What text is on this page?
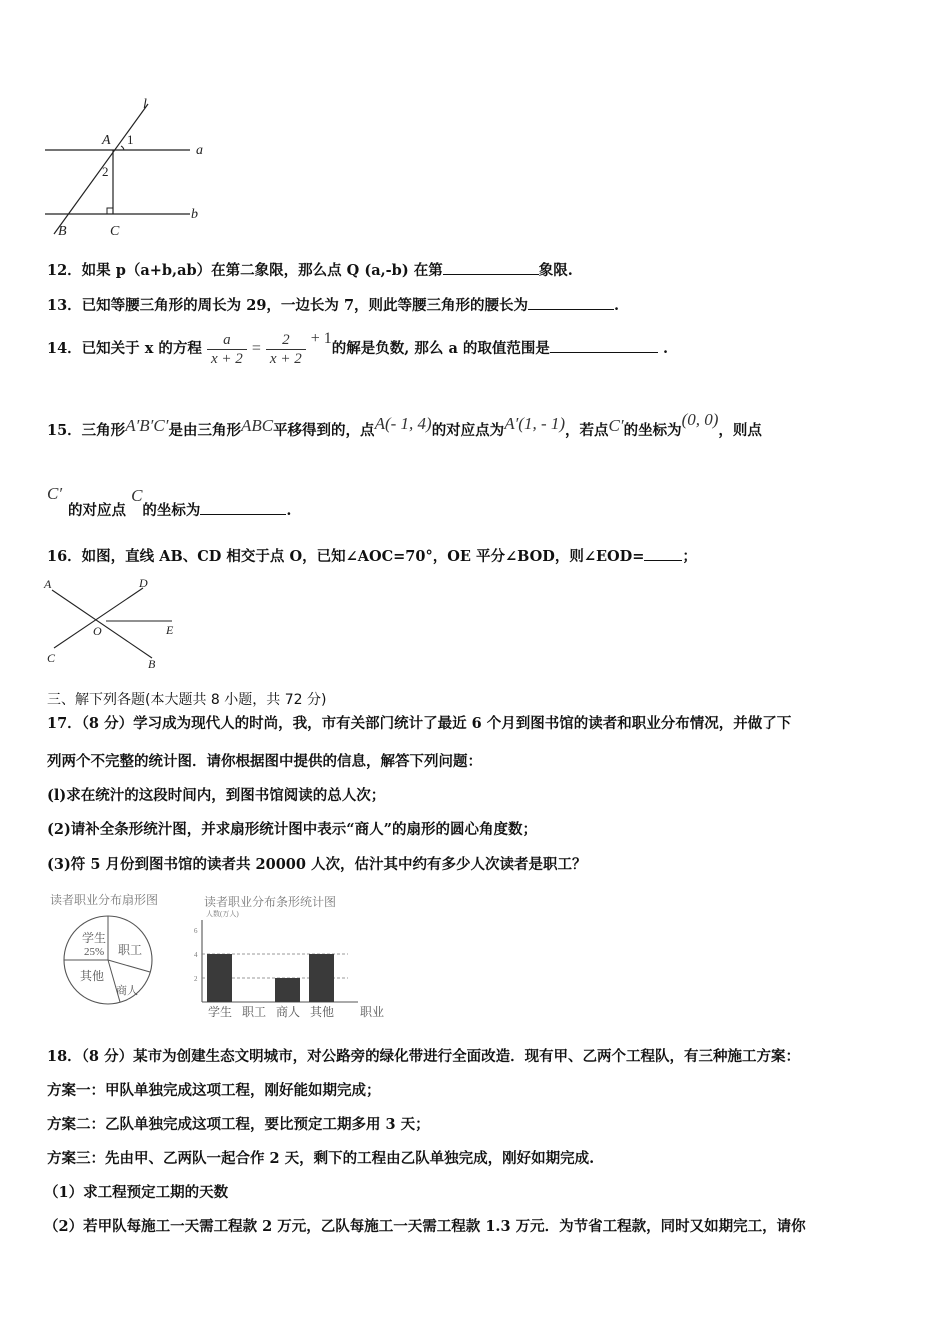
l
A 1
2
a
b
B	C
12．如果 p（a+b,ab）在第二象限，那么点 Q (a,-b) 在第	象限.
13．已知等腰三角形的周长为 29，一边长为 7，则此等腰三角形的腰长为	.
14．已知关于 x 的方程 $\frac{a}{x + 2} = \frac{2}{x + 2} + 1$的解是负数, 那么 a 的取值范围是	.
15．三角形A′B′C′是由三角形ABC平移得到的，点A(- 1, 4)的对应点为A′(1, - 1)，若点C′的坐标为(0, 0)，则点
C′
的对应点 C的坐标为	.
16．如图，直线 AB、CD 相交于点 O，已知∠AOC=70°，OE 平分∠BOD，则∠EOD=	；
A	D
O	E
C	B
三、解下列各题(本大题共 8 小题，共 72 分)
17．（8 分）学习成为现代人的时尚，我，市有关部门统计了最近 6 个月到图书馆的读者和职业分布情况，并做了下
列两个不完整的统计图．请你根据图中提供的信息，解答下列问题：
(l)求在统汁的这段时间内，到图书馆阅读的总人次；
(2)请补全条形统汁图，并求扇形统计图中表示“商人”的扇形的圆心角度数；
(3)符 5 月份到图书馆的读者共 20000 人次，估汁其中约有多少人次读者是职工？
读者职业分布扇形图
学生
25% 职工
其他
商人
读者职业分布条形统计图
人数(万人)
职业
2
4
6
学生 职工 商人 其他
18．（8 分）某市为创建生态文明城市，对公路旁的绿化带进行全面改造．现有甲、乙两个工程队，有三种施工方案：
方案一：甲队单独完成这项工程，刚好能如期完成；
方案二：乙队单独完成这项工程，要比预定工期多用 3 天；
方案三：先由甲、乙两队一起合作 2 天，剩下的工程由乙队单独完成，刚好如期完成.
（1）求工程预定工期的天数
（2）若甲队每施工一天需工程款 2 万元，乙队每施工一天需工程款 1.3 万元．为节省工程款，同时又如期完工，请你
